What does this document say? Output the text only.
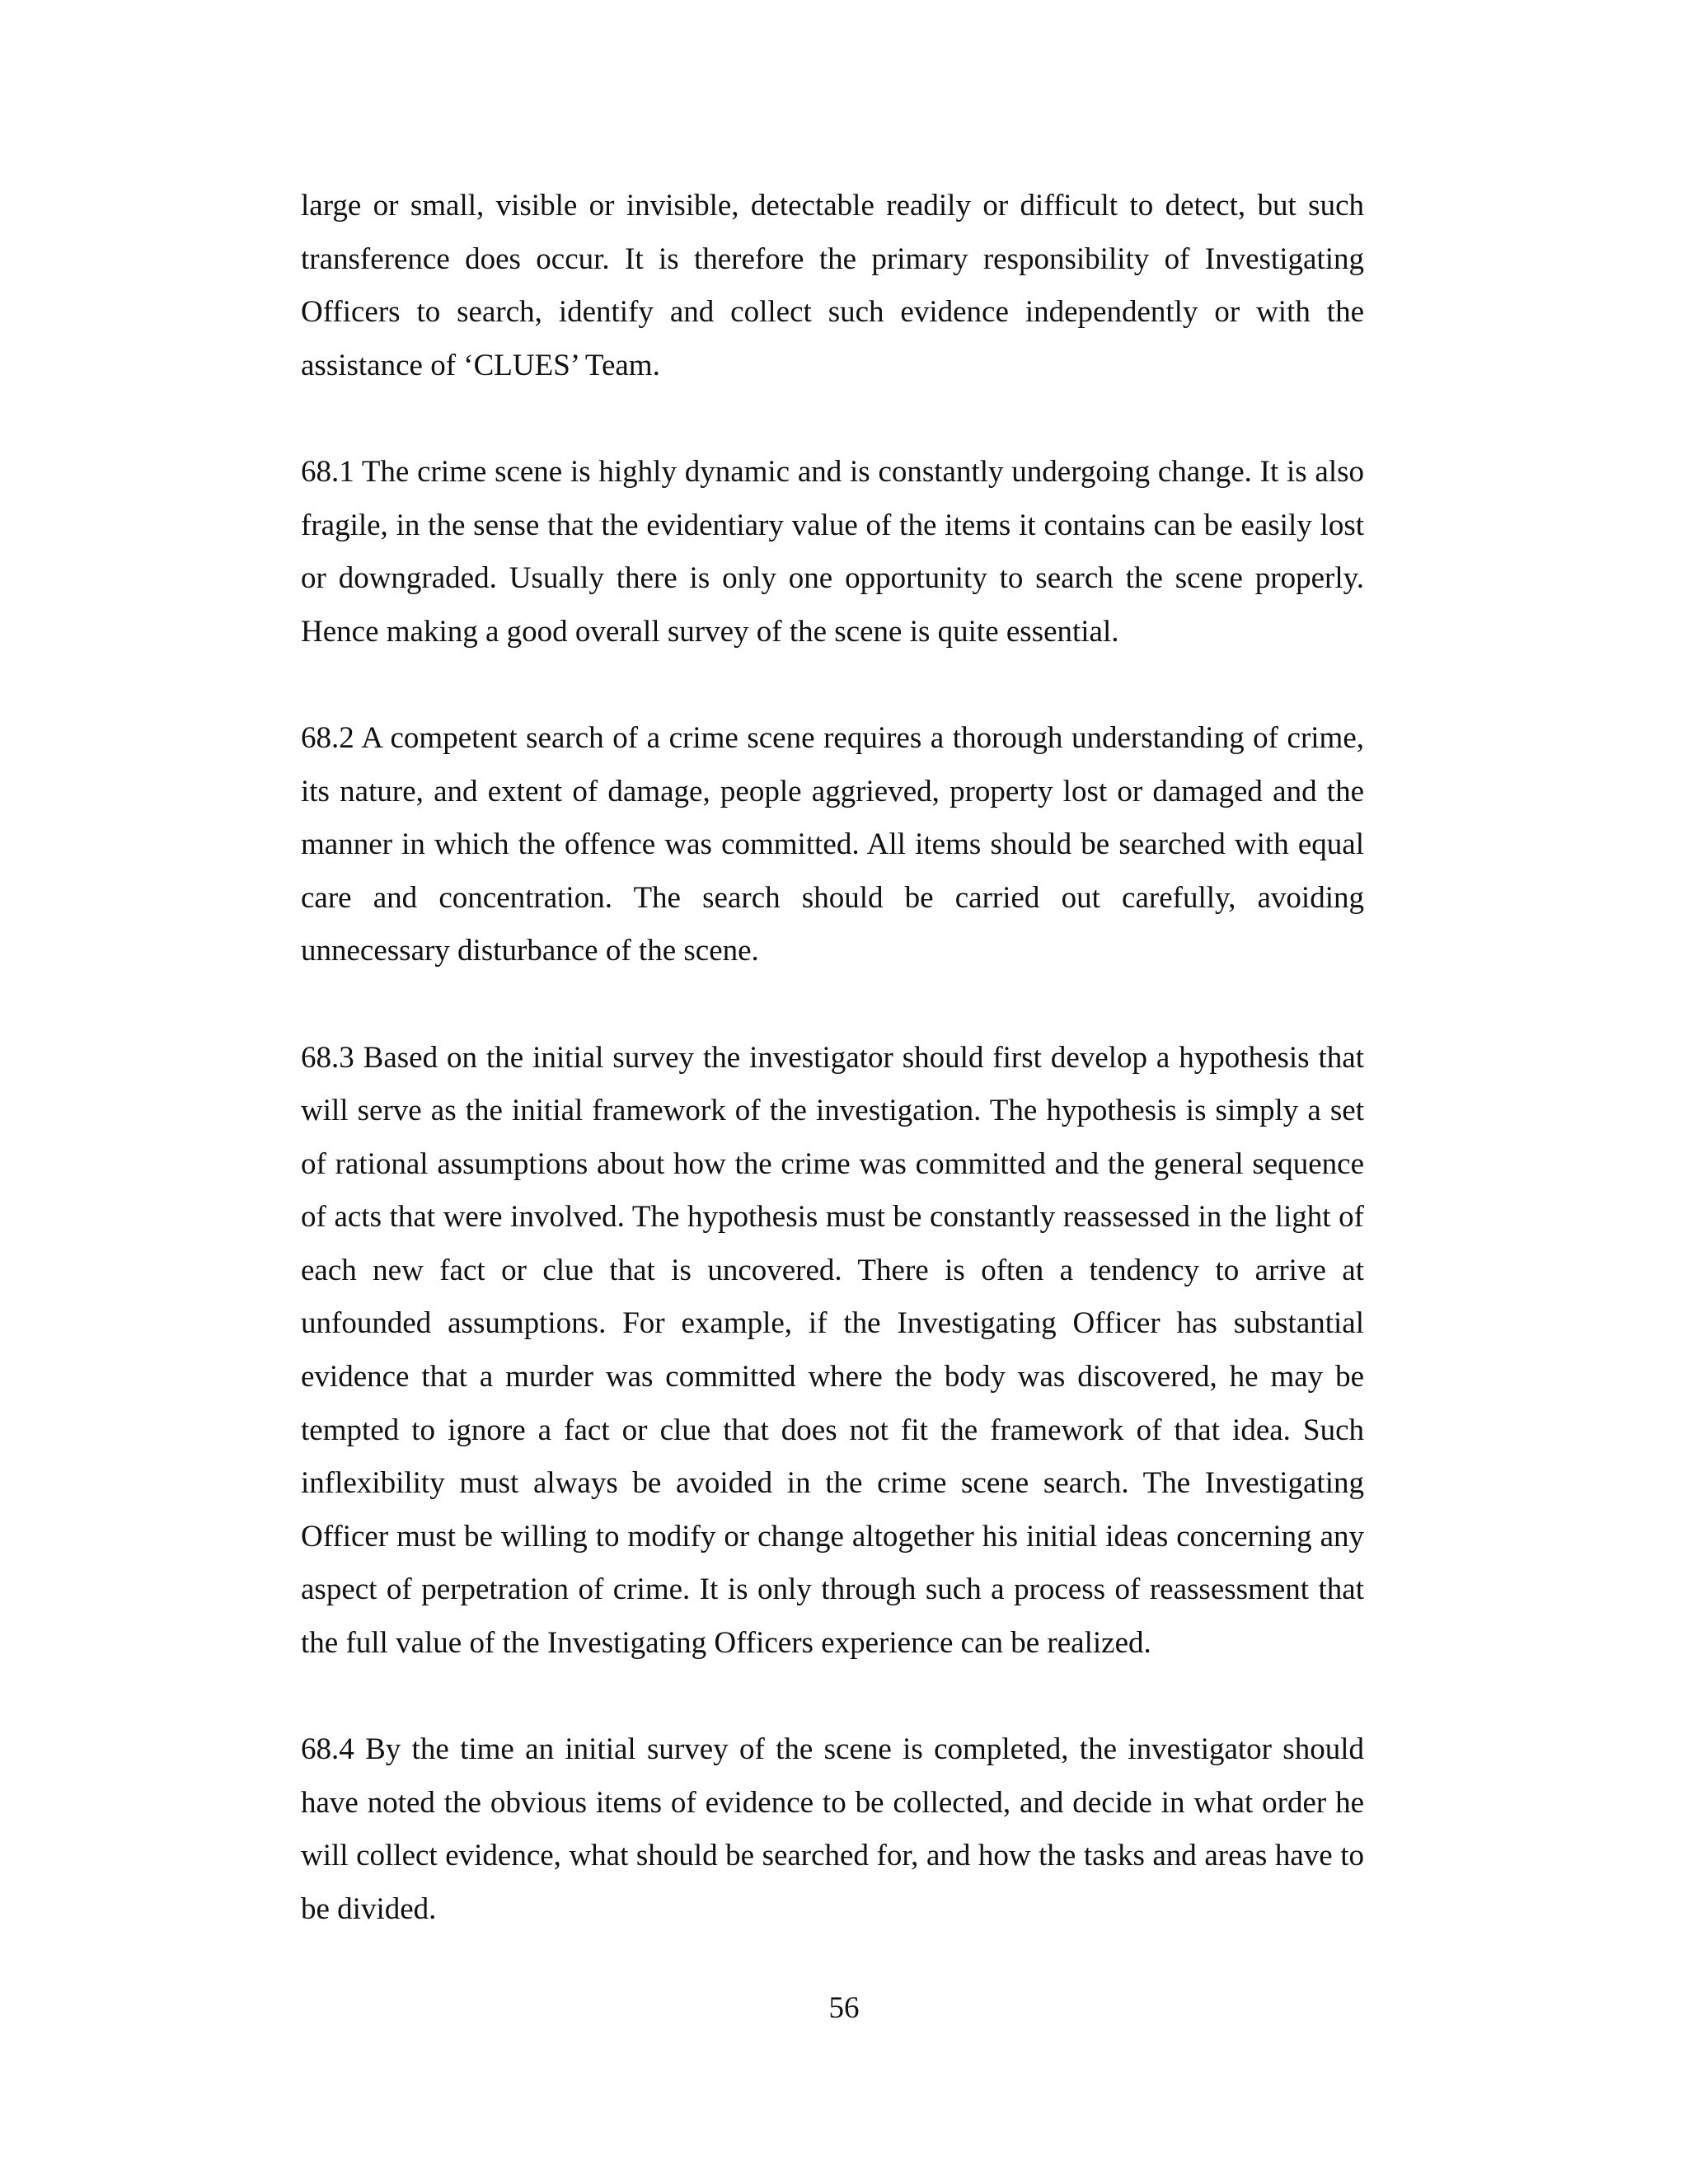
large or small, visible or invisible, detectable readily or difficult to detect, but such transference does occur. It is therefore the primary responsibility of Investigating Officers to search, identify and collect such evidence independently or with the assistance of ‘CLUES’ Team.

68.1 The crime scene is highly dynamic and is constantly undergoing change. It is also fragile, in the sense that the evidentiary value of the items it contains can be easily lost or downgraded. Usually there is only one opportunity to search the scene properly. Hence making a good overall survey of the scene is quite essential.

68.2 A competent search of a crime scene requires a thorough understanding of crime, its nature, and extent of damage, people aggrieved, property lost or damaged and the manner in which the offence was committed. All items should be searched with equal care and concentration. The search should be carried out carefully, avoiding unnecessary disturbance of the scene.

68.3 Based on the initial survey the investigator should first develop a hypothesis that will serve as the initial framework of the investigation. The hypothesis is simply a set of rational assumptions about how the crime was committed and the general sequence of acts that were involved. The hypothesis must be constantly reassessed in the light of each new fact or clue that is uncovered. There is often a tendency to arrive at unfounded assumptions. For example, if the Investigating Officer has substantial evidence that a murder was committed where the body was discovered, he may be tempted to ignore a fact or clue that does not fit the framework of that idea. Such inflexibility must always be avoided in the crime scene search. The Investigating Officer must be willing to modify or change altogether his initial ideas concerning any aspect of perpetration of crime. It is only through such a process of reassessment that the full value of the Investigating Officers experience can be realized.

68.4 By the time an initial survey of the scene is completed, the investigator should have noted the obvious items of evidence to be collected, and decide in what order he will collect evidence, what should be searched for, and how the tasks and areas have to be divided.

56
